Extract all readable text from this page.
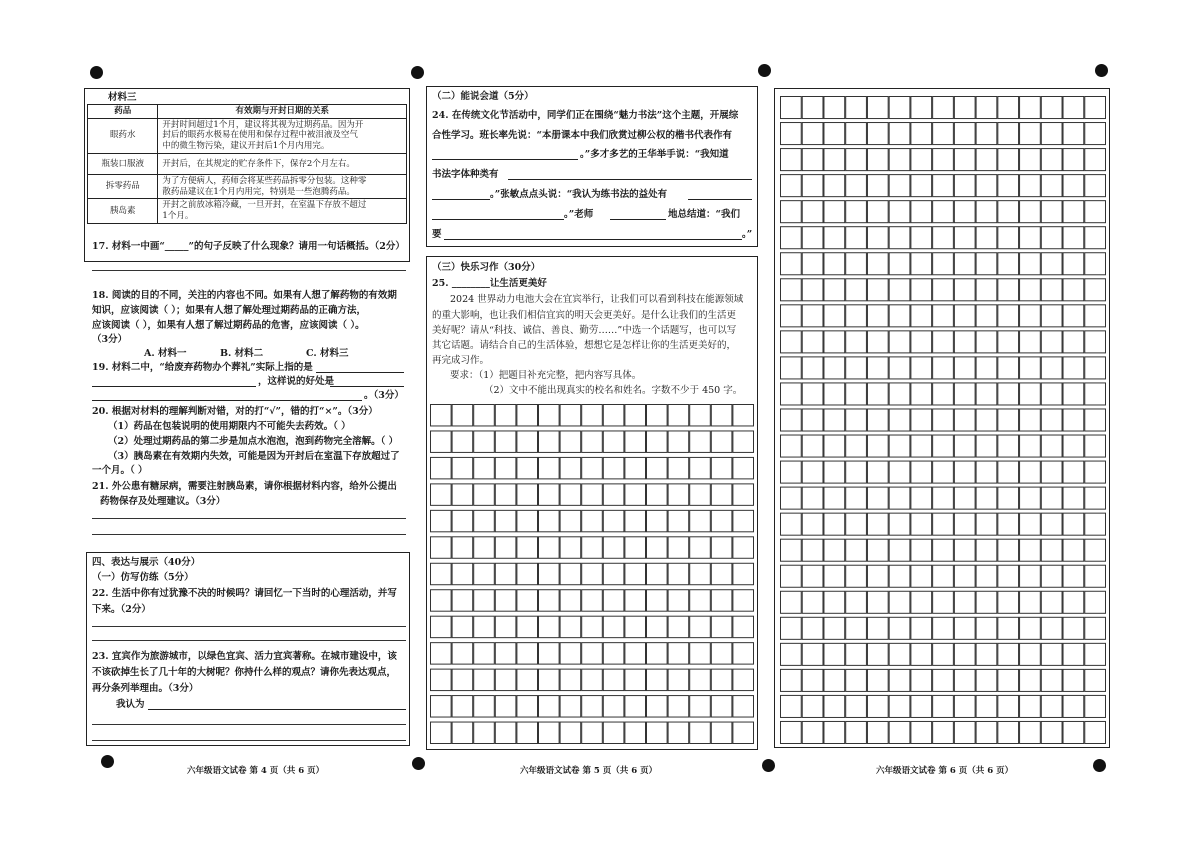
材料三
药品	有效期与开封日期的关系
眼药水	开封时间超过1个月，建议将其视为过期药品。因为开
封后的眼药水极易在使用和保存过程中被泪液及空气
中的微生物污染，建议开封后1个月内用完。

瓶装口服液	开封后，在其规定的贮存条件下，保存2个月左右。

拆零药品	为了方便病人，药师会将某些药品拆零分包装。这种零
散药品建议在1个月内用完，特别是一些泡腾药品。

胰岛素	开封之前放冰箱冷藏，一旦开封，在室温下存放不超过
1个月。
17. 材料一中画“_____”的句子反映了什么现象？请用一句话概括。（2分）
18. 阅读的目的不同，关注的内容也不同。如果有人想了解药物的有效期
知识，应该阅读（ ）；如果有人想了解处理过期药品的正确方法，
应该阅读（ ），如果有人想了解过期药品的危害，应该阅读（ ）。
（3分）
A. 材料一	B. 材料二	C. 材料三
19. 材料二中，“给废弃药物办个葬礼”实际上指的是
，这样说的好处是
。（3分）
20. 根据对材料的理解判断对错，对的打“√”，错的打“×”。（3分）
（1）药品在包装说明的使用期限内不可能失去药效。（ ）
（2）处理过期药品的第二步是加点水泡泡，泡到药物完全溶解。（ ）
（3）胰岛素在有效期内失效，可能是因为开封后在室温下存放超过了
一个月。（ ）
21. 外公患有糖尿病，需要注射胰岛素，请你根据材料内容，给外公提出
药物保存及处理建议。（3分）
四、表达与展示（40分）
（一）仿写仿练（5分）
22. 生活中你有过犹豫不决的时候吗？请回忆一下当时的心理活动，并写
下来。（2分）
23. 宜宾作为旅游城市，以绿色宜宾、活力宜宾著称。在城市建设中，该
不该砍掉生长了几十年的大树呢？你持什么样的观点？请你先表达观点，
再分条列举理由。（3分）
我认为
六年级语文试卷 第 4 页（共 6 页）
（二）能说会道（5分）
24. 在传统文化节活动中，同学们正在围绕“魅力书法”这个主题，开展综
合性学习。班长率先说：“本册课本中我们欣赏过柳公权的楷书代表作有
。”多才多艺的王华举手说：“我知道
书法字体种类有
。”张敏点点头说：“我认为练书法的益处有
。”老师	地总结道：“我们
要	。”
（三）快乐习作（30分）
25. ________让生活更美好
2024 世界动力电池大会在宜宾举行，让我们可以看到科技在能源领域
的重大影响，也让我们相信宜宾的明天会更美好。是什么让我们的生活更
美好呢？请从“科技、诚信、善良、勤劳……”中选一个话题写，也可以写
其它话题。请结合自己的生活体验，想想它是怎样让你的生活更美好的，
再完成习作。
要求：（1）把题目补充完整，把内容写具体。
（2）文中不能出现真实的校名和姓名。字数不少于 450 字。
六年级语文试卷 第 5 页（共 6 页）	六年级语文试卷 第 6 页（共 6 页）
